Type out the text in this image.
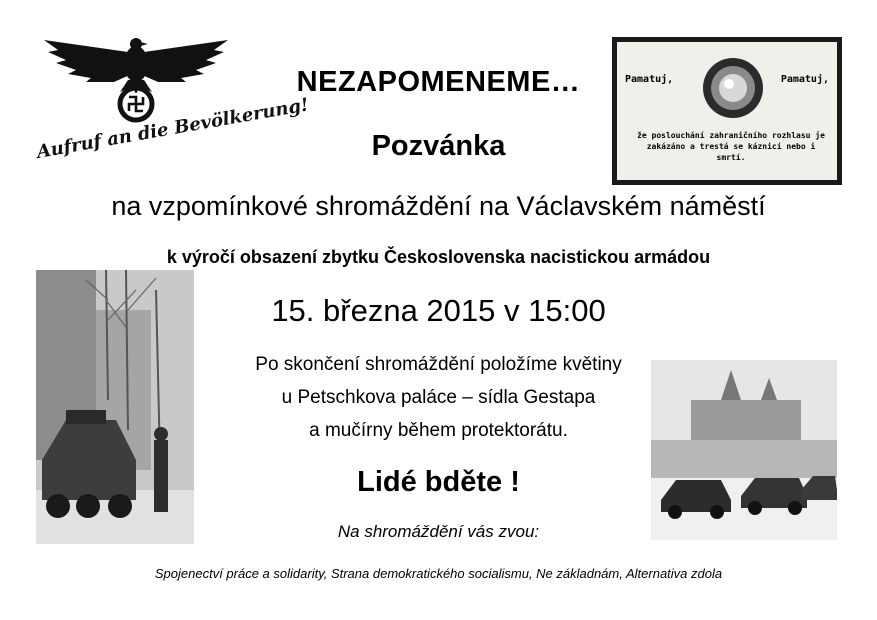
Aufruf an die Bevölkerung!
Pamatuj,	Pamatuj,
že poslouchání zahraničního rozhlasu je zakázáno a trestá se káznicí nebo i smrtí.
NEZAPOMENEME…
Pozvánka
na vzpomínkové shromáždění na Václavském náměstí
k výročí obsazení zbytku Československa nacistickou armádou
15. března 2015 v 15:00
Po skončení shromáždění položíme květiny
u Petschkova paláce – sídla Gestapa
a mučírny během protektorátu.
Lidé bděte !
Na shromáždění vás zvou:
Spojenectví práce a solidarity, Strana demokratického socialismu, Ne základnám, Alternativa zdola
